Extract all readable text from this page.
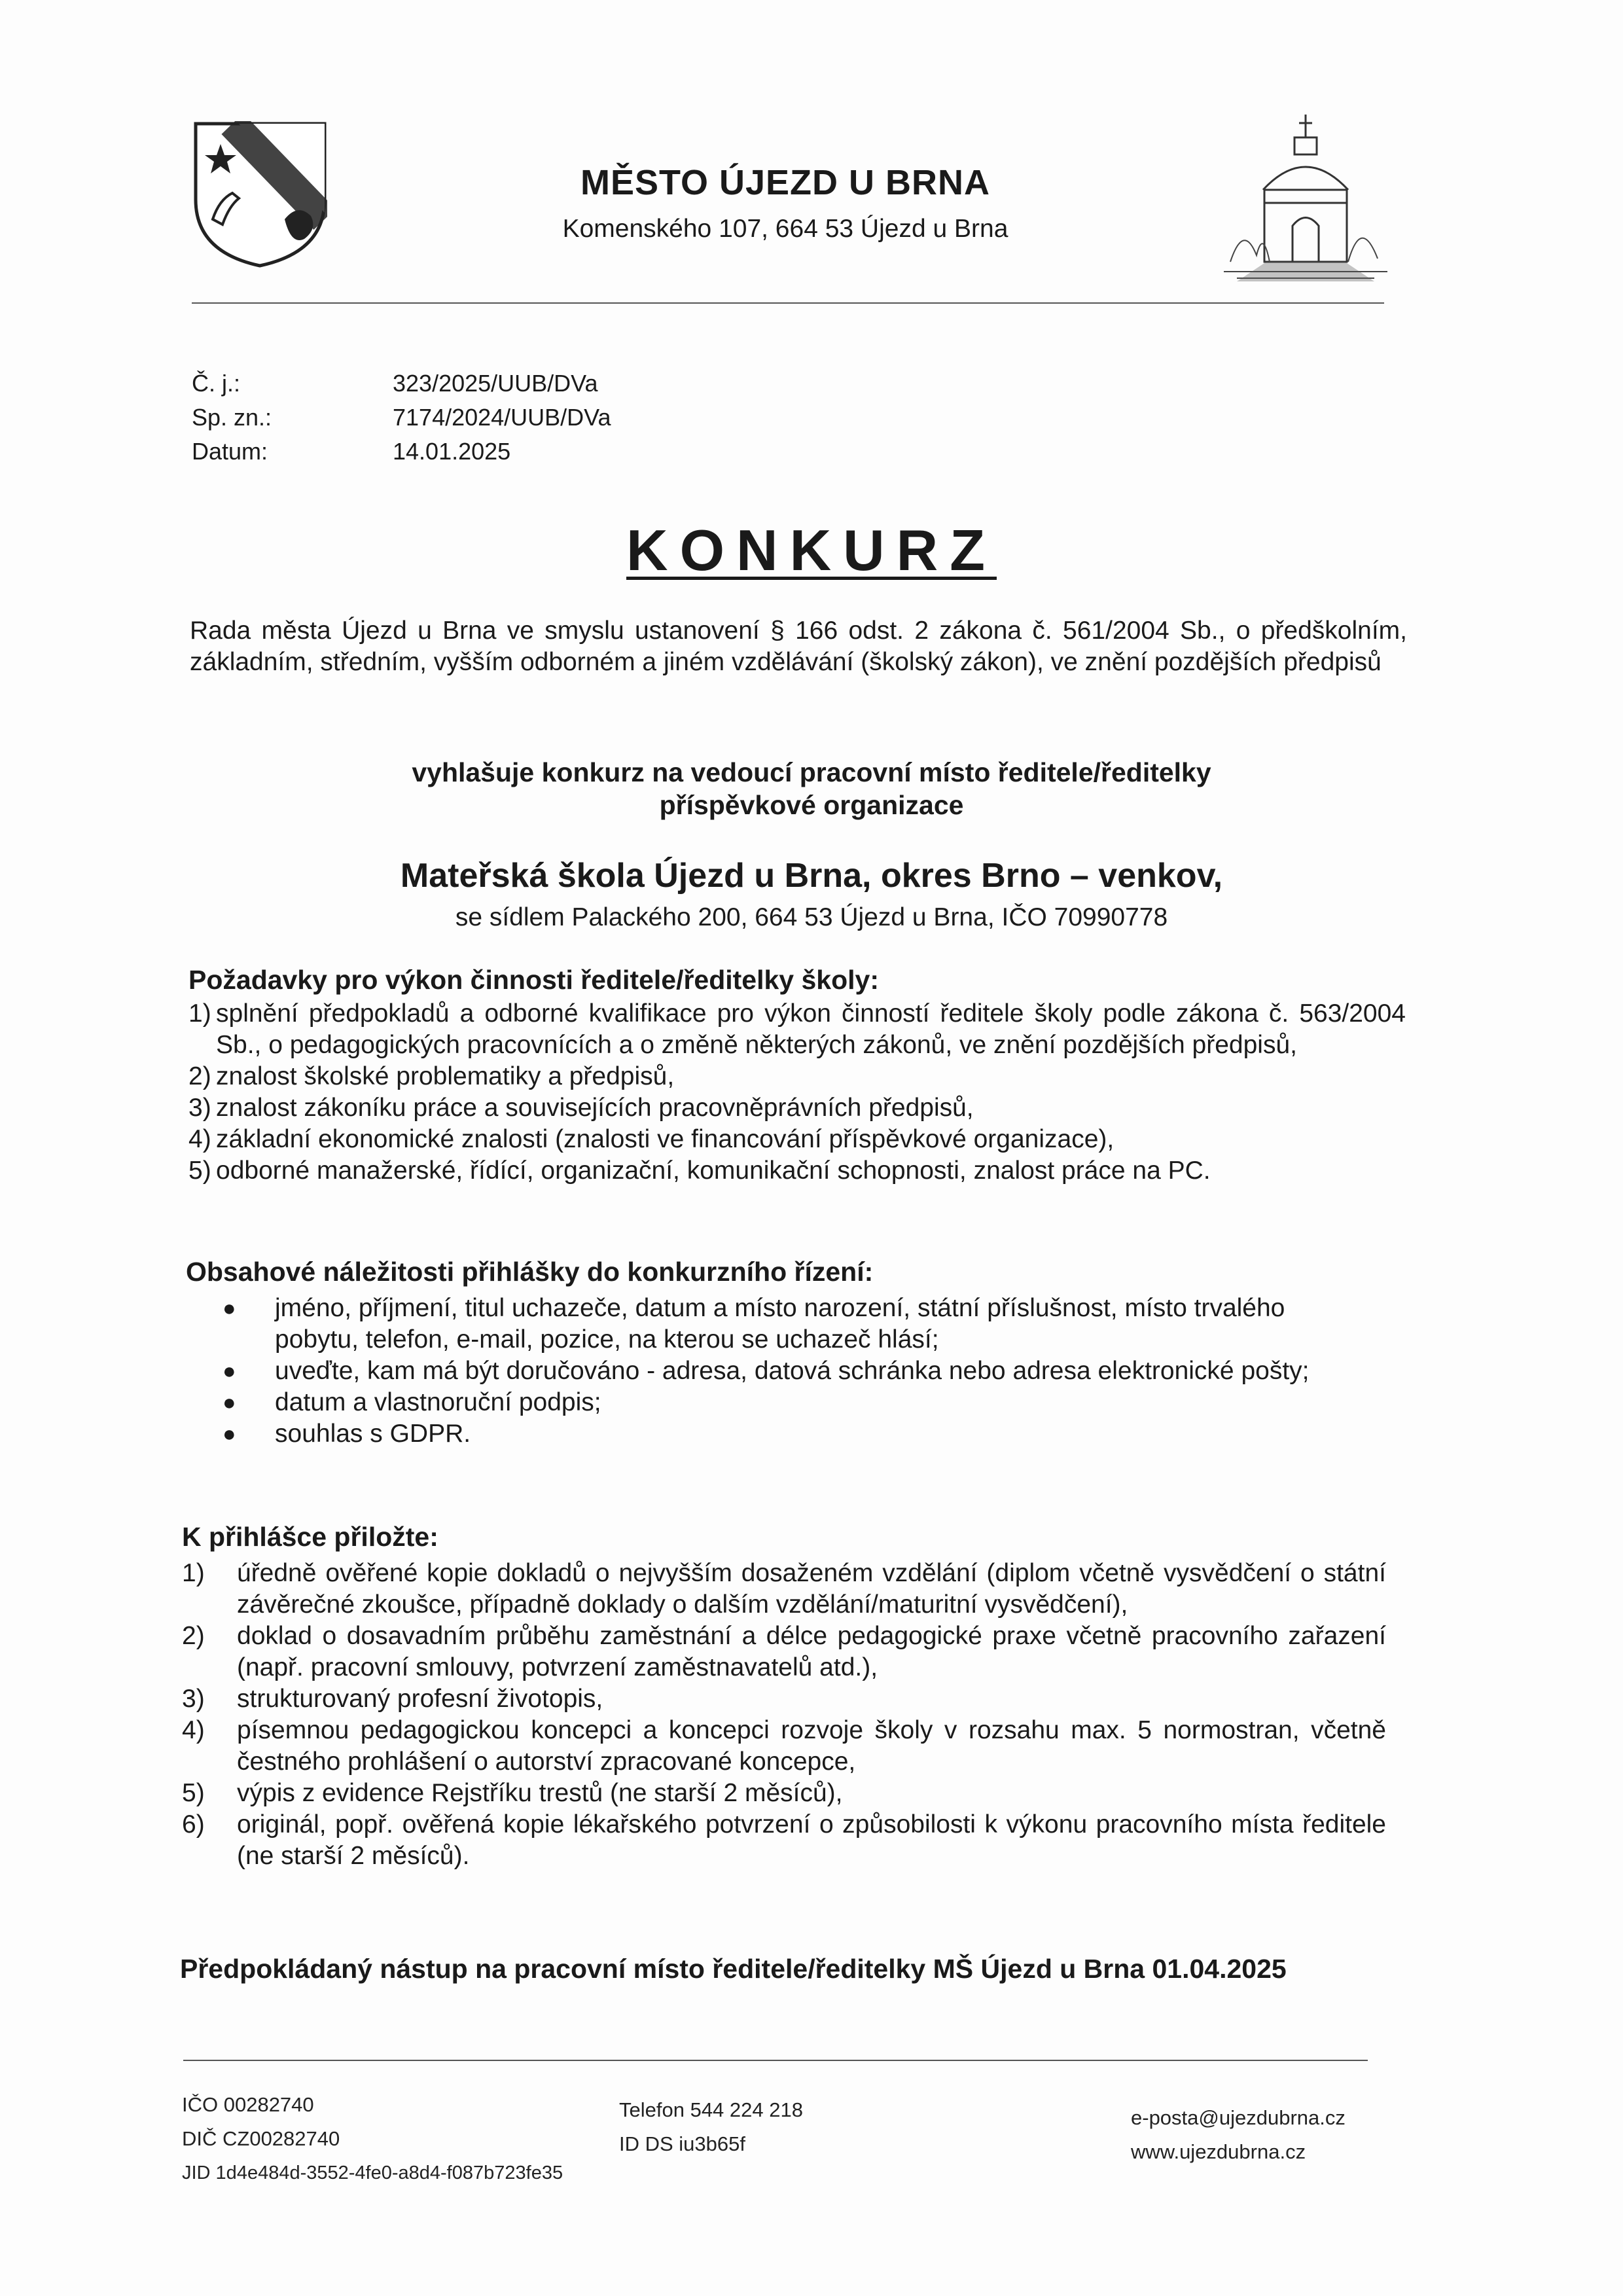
MĚSTO ÚJEZD U BRNA
Komenského 107, 664 53 Újezd u Brna
Č. j.:	323/2025/UUB/DVa
Sp. zn.:	7174/2024/UUB/DVa
Datum:	14.01.2025
KONKURZ
Rada města Újezd u Brna ve smyslu ustanovení § 166 odst. 2 zákona č. 561/2004 Sb., o předškolním, základním, středním, vyšším odborném a jiném vzdělávání (školský zákon), ve znění pozdějších předpisů
vyhlašuje konkurz na vedoucí pracovní místo ředitele/ředitelky
příspěvkové organizace
Mateřská škola Újezd u Brna, okres Brno – venkov,
se sídlem Palackého 200, 664 53 Újezd u Brna, IČO 70990778
Požadavky pro výkon činnosti ředitele/ředitelky školy:
1) splnění předpokladů a odborné kvalifikace pro výkon činností ředitele školy podle zákona č. 563/2004 Sb., o pedagogických pracovnících a o změně některých zákonů, ve znění pozdějších předpisů,
2) znalost školské problematiky a předpisů,
3) znalost zákoníku práce a souvisejících pracovněprávních předpisů,
4) základní ekonomické znalosti (znalosti ve financování příspěvkové organizace),
5) odborné manažerské, řídící, organizační, komunikační schopnosti, znalost práce na PC.
Obsahové náležitosti přihlášky do konkurzního řízení:
●	jméno, příjmení, titul uchazeče, datum a místo narození, státní příslušnost, místo trvalého pobytu, telefon, e-mail, pozice, na kterou se uchazeč hlásí;
●	uveďte, kam má být doručováno - adresa, datová schránka nebo adresa elektronické pošty;
●	datum a vlastnoruční podpis;
●	souhlas s GDPR.
K přihlášce přiložte:
1)	úředně ověřené kopie dokladů o nejvyšším dosaženém vzdělání (diplom včetně vysvědčení o státní závěrečné zkoušce, případně doklady o dalším vzdělání/maturitní vysvědčení),
2)	doklad o dosavadním průběhu zaměstnání a délce pedagogické praxe včetně pracovního zařazení (např. pracovní smlouvy, potvrzení zaměstnavatelů atd.),
3)	strukturovaný profesní životopis,
4)	písemnou pedagogickou koncepci a koncepci rozvoje školy v rozsahu max. 5 normostran, včetně čestného prohlášení o autorství zpracované koncepce,
5)	výpis z evidence Rejstříku trestů (ne starší 2 měsíců),
6)	originál, popř. ověřená kopie lékařského potvrzení o způsobilosti k výkonu pracovního místa ředitele (ne starší 2 měsíců).
Předpokládaný nástup na pracovní místo ředitele/ředitelky MŠ Újezd u Brna 01.04.2025
IČO 00282740
DIČ CZ00282740
JID 1d4e484d-3552-4fe0-a8d4-f087b723fe35
Telefon 544 224 218
ID DS iu3b65f
e-posta@ujezdubrna.cz
www.ujezdubrna.cz
